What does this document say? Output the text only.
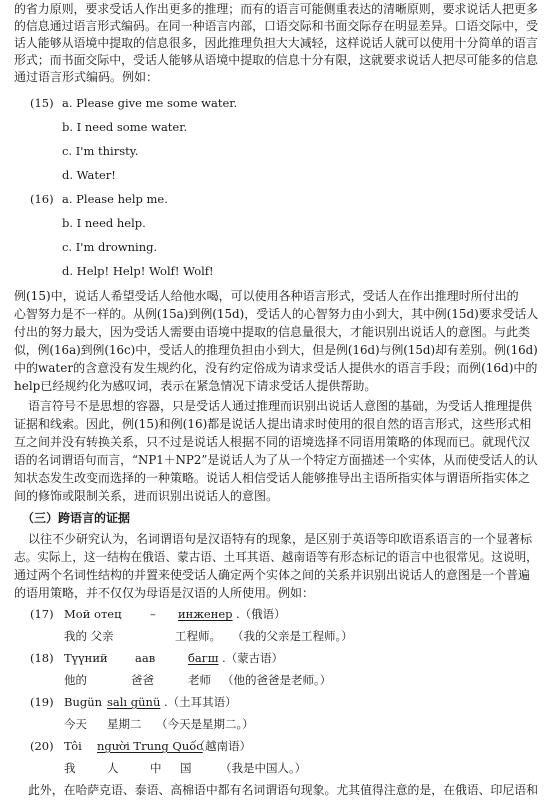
的省力原则，要求受话人作出更多的推理；而有的语言可能侧重表达的清晰原则，要求说话人把更多
的信息通过语言形式编码。在同一种语言内部，口语交际和书面交际存在明显差异。口语交际中，受
话人能够从语境中提取的信息很多，因此推理负担大大减轻，这样说话人就可以使用十分简单的语言
形式；而书面交际中，受话人能够从语境中提取的信息十分有限，这就要求说话人把尽可能多的信息
通过语言形式编码。例如：
(15) a. Please give me some water.
b. I need some water.
c. I'm thirsty.
d. Water!
(16) a. Please help me.
b. I need help.
c. I'm drowning.
d. Help! Help! Wolf! Wolf!
例(15)中，说话人希望受话人给他水喝，可以使用各种语言形式，受话人在作出推理时所付出的
心智努力是不一样的。从例(15a)到例(15d)，受话人的心智努力由小到大，其中例(15d)要求受话人
付出的努力最大，因为受话人需要由语境中提取的信息量很大，才能识别出说话人的意图。与此类
似，例(16a)到例(16c)中，受话人的推理负担由小到大，但是例(16d)与例(15d)却有差别。例(16d)
中的water的含意没有发生规约化，没有约定俗成为请求受话人提供水的语言手段；而例(16d)中的
help已经规约化为感叹词，表示在紧急情况下请求受话人提供帮助。
语言符号不是思想的容器，只是受话人通过推理而识别出说话人意图的基础，为受话人推理提供
证据和线索。因此，例(15)和例(16)都是说话人提出请求时使用的很自然的语言形式，这些形式相
互之间并没有转换关系，只不过是说话人根据不同的语境选择不同语用策略的体现而已。就现代汉
语的名词谓语句而言，“NP1＋NP2”是说话人为了从一个特定方面描述一个实体，从而使受话人的认
知状态发生改变而选择的一种策略。说话人相信受话人能够推导出主语所指实体与谓语所指实体之
间的修饰或限制关系，进而识别出说话人的意图。
（三）跨语言的证据
以往不少研究认为，名词谓语句是汉语特有的现象，是区别于英语等印欧语系语言的一个显著标
志。实际上，这一结构在俄语、蒙古语、土耳其语、越南语等有形态标记的语言中也很常见。这说明，
通过两个名词性结构的并置来使受话人确定两个实体之间的关系并识别出说话人的意图是一个普遍
的语用策略，并不仅仅为母语是汉语的人所使用。例如：
(17) Мой отец – инженер .（俄语）
我的 父亲	工程师。 （我的父亲是工程师。）
(18) Түүний аав	багш .（蒙古语）
他的	爸爸	老师 （他的爸爸是老师。）
(19) Bugün salı günü .（土耳其语）
今天 星期二 （今天是星期二。）
(20) Tôi người Trung Quốc
.（越南语）
我	人	中 国 （我是中国人。）
此外，在哈萨克语、泰语、高棉语中都有名词谓语句现象。尤其值得注意的是，在俄语、印尼语和
